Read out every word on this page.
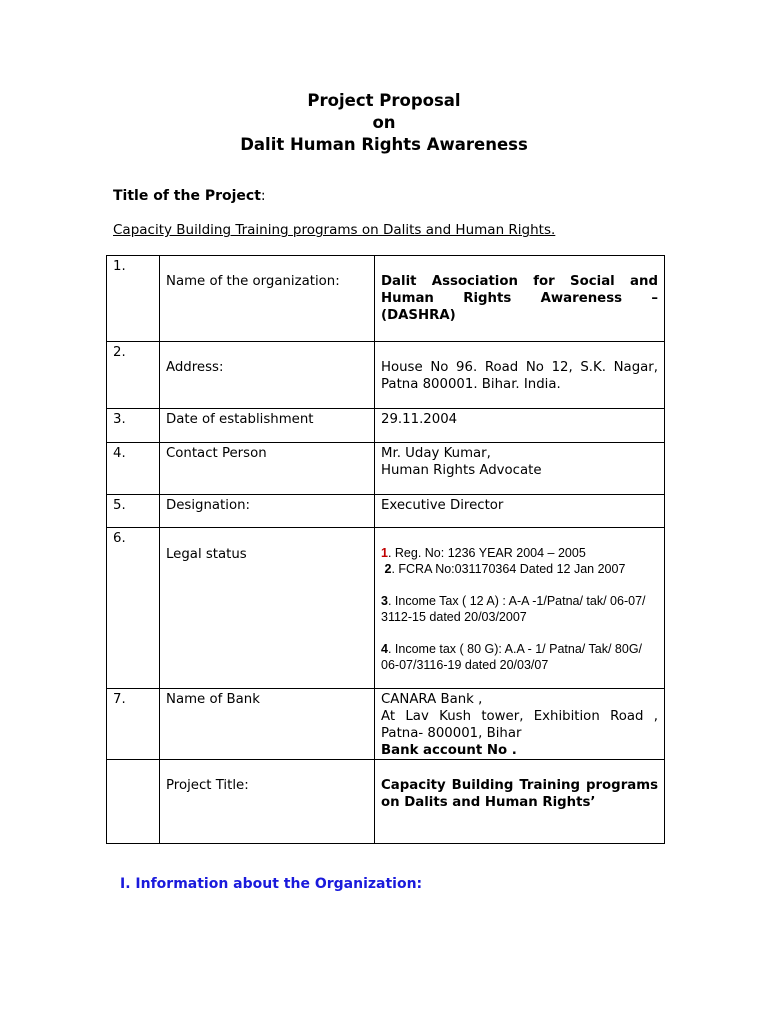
Project Proposal
on
Dalit Human Rights Awareness
Title of the Project:
Capacity Building Training programs on Dalits and Human Rights.
1.	Name of the organization:	Dalit Association for Social and Human Rights Awareness – (DASHRA)
2.	Address:	House No 96. Road No 12, S.K. Nagar, Patna 800001. Bihar. India.
3.	Date of establishment	29.11.2004
4.	Contact Person	Mr. Uday Kumar,
Human Rights Advocate

5.	Designation:	Executive Director
6.	Legal status	1. Reg. No: 1236 YEAR 2004 – 2005
2. FCRA No:031170364 Dated 12 Jan 2007
3. Income Tax ( 12 A) : A-A -1/Patna/ tak/ 06-07/ 3112-15 dated 20/03/2007
4. Income tax ( 80 G): A.A - 1/ Patna/ Tak/ 80G/ 06-07/3116-19 dated 20/03/07

7.	Name of Bank	CANARA Bank ,
At Lav Kush tower, Exhibition Road , Patna- 800001, Bihar
Bank account No .

	Project Title:	Capacity Building Training programs on Dalits and Human Rights’
I. Information about the Organization:
